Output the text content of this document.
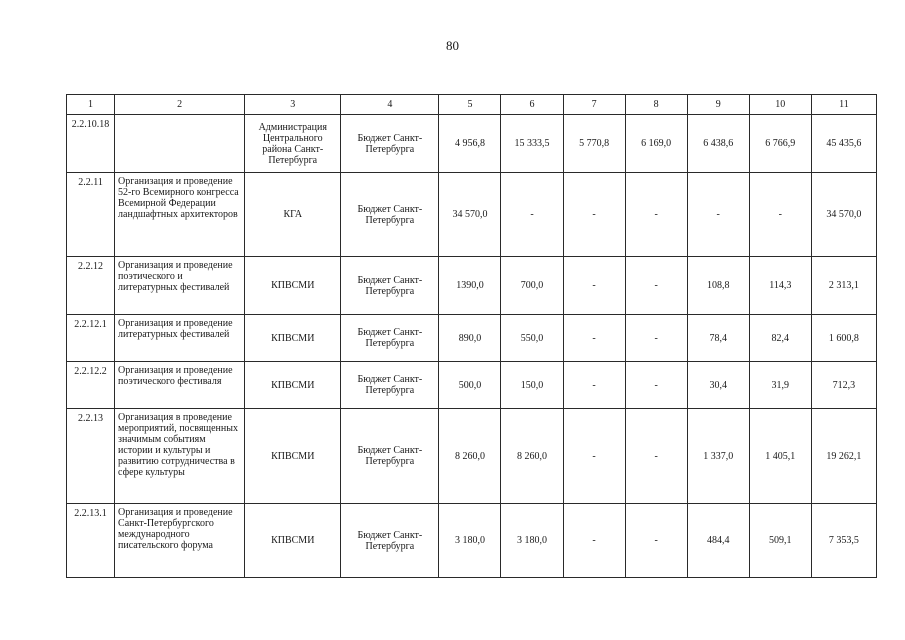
80
1	2	3	4	5	6	7	8	9	10	11
2.2.10.18		Администрация Центрального района Санкт-Петербурга	Бюджет Санкт-Петербурга	4 956,8	15 333,5	5 770,8	6 169,0	6 438,6	6 766,9	45 435,6
2.2.11	Организация и проведение 52-го Всемирного конгресса Всемирной Федерации ландшафтных архитекторов	КГА	Бюджет Санкт-Петербурга	34 570,0	-	-	-	-	-	34 570,0
2.2.12	Организация и проведение поэтического и литературных фестивалей	КПВСМИ	Бюджет Санкт-Петербурга	1390,0	700,0	-	-	108,8	114,3	2 313,1
2.2.12.1	Организация и проведение литературных фестивалей	КПВСМИ	Бюджет Санкт-Петербурга	890,0	550,0	-	-	78,4	82,4	1 600,8
2.2.12.2	Организация и проведение поэтического фестиваля	КПВСМИ	Бюджет Санкт-Петербурга	500,0	150,0	-	-	30,4	31,9	712,3
2.2.13	Организация в проведение мероприятий, посвященных значимым событиям истории и культуры и развитию сотрудничества в сфере культуры	КПВСМИ	Бюджет Санкт-Петербурга	8 260,0	8 260,0	-	-	1 337,0	1 405,1	19 262,1
2.2.13.1	Организация и проведение Санкт-Петербургского международного писательского форума	КПВСМИ	Бюджет Санкт-Петербурга	3 180,0	3 180,0	-	-	484,4	509,1	7 353,5
